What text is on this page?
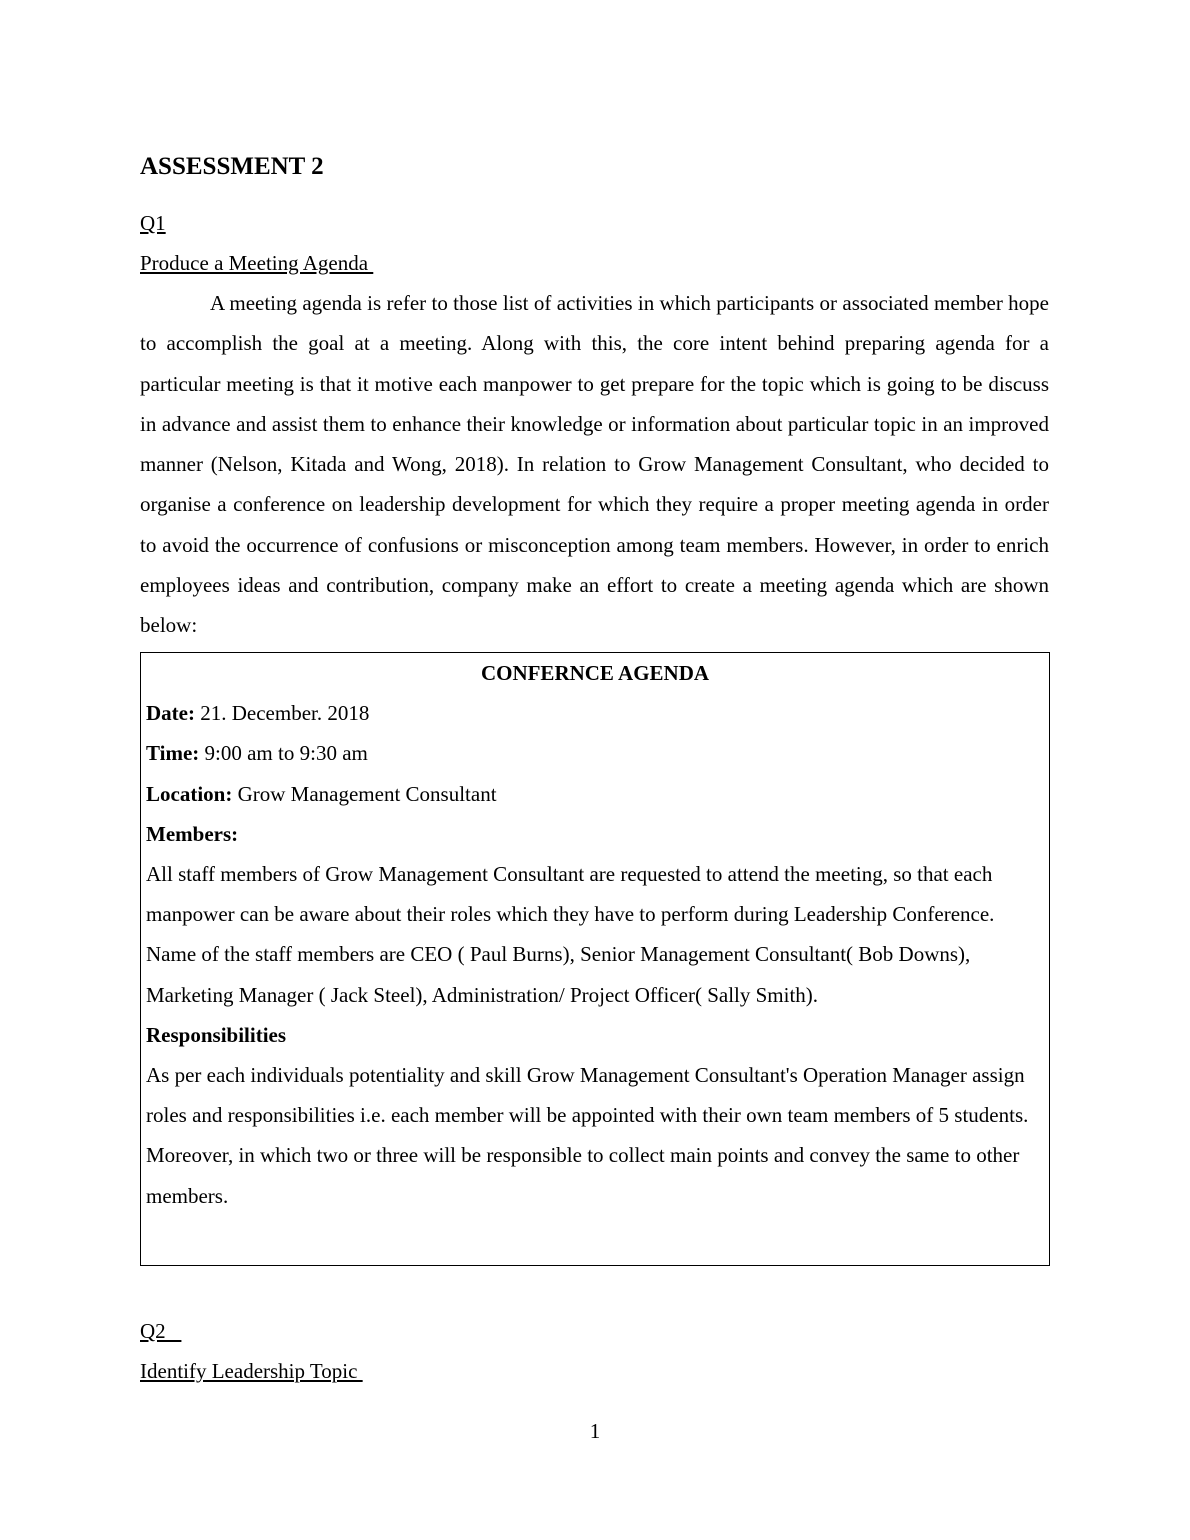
ASSESSMENT 2

Q1

Produce a Meeting Agenda

A meeting agenda is refer to those list of activities in which participants or associated member hope to accomplish the goal at a meeting. Along with this, the core intent behind preparing agenda for a particular meeting is that it motive each manpower to get prepare for the topic which is going to be discuss in advance and assist them to enhance their knowledge or information about particular topic in an improved manner (Nelson, Kitada and Wong, 2018). In relation to Grow Management Consultant, who decided to organise a conference on leadership development for which they require a proper meeting agenda in order to avoid the occurrence of confusions or misconception among team members. However, in order to enrich employees ideas and contribution, company make an effort to create a meeting agenda which are shown below:

CONFERNCE AGENDA

Date: 21. December. 2018

Time: 9:00 am to 9:30 am

Location: Grow Management Consultant

Members:

All staff members of Grow Management Consultant are requested to attend the meeting, so that each manpower can be aware about their roles which they have to perform during Leadership Conference. Name of the staff members are CEO ( Paul Burns), Senior Management Consultant( Bob Downs), Marketing Manager ( Jack Steel), Administration/ Project Officer( Sally Smith).

Responsibilities

As per each individuals potentiality and skill Grow Management Consultant's Operation Manager assign roles and responsibilities i.e. each member will be appointed with their own team members of 5 students. Moreover, in which two or three will be responsible to collect main points and convey the same to other members.

Q2

Identify Leadership Topic

1
